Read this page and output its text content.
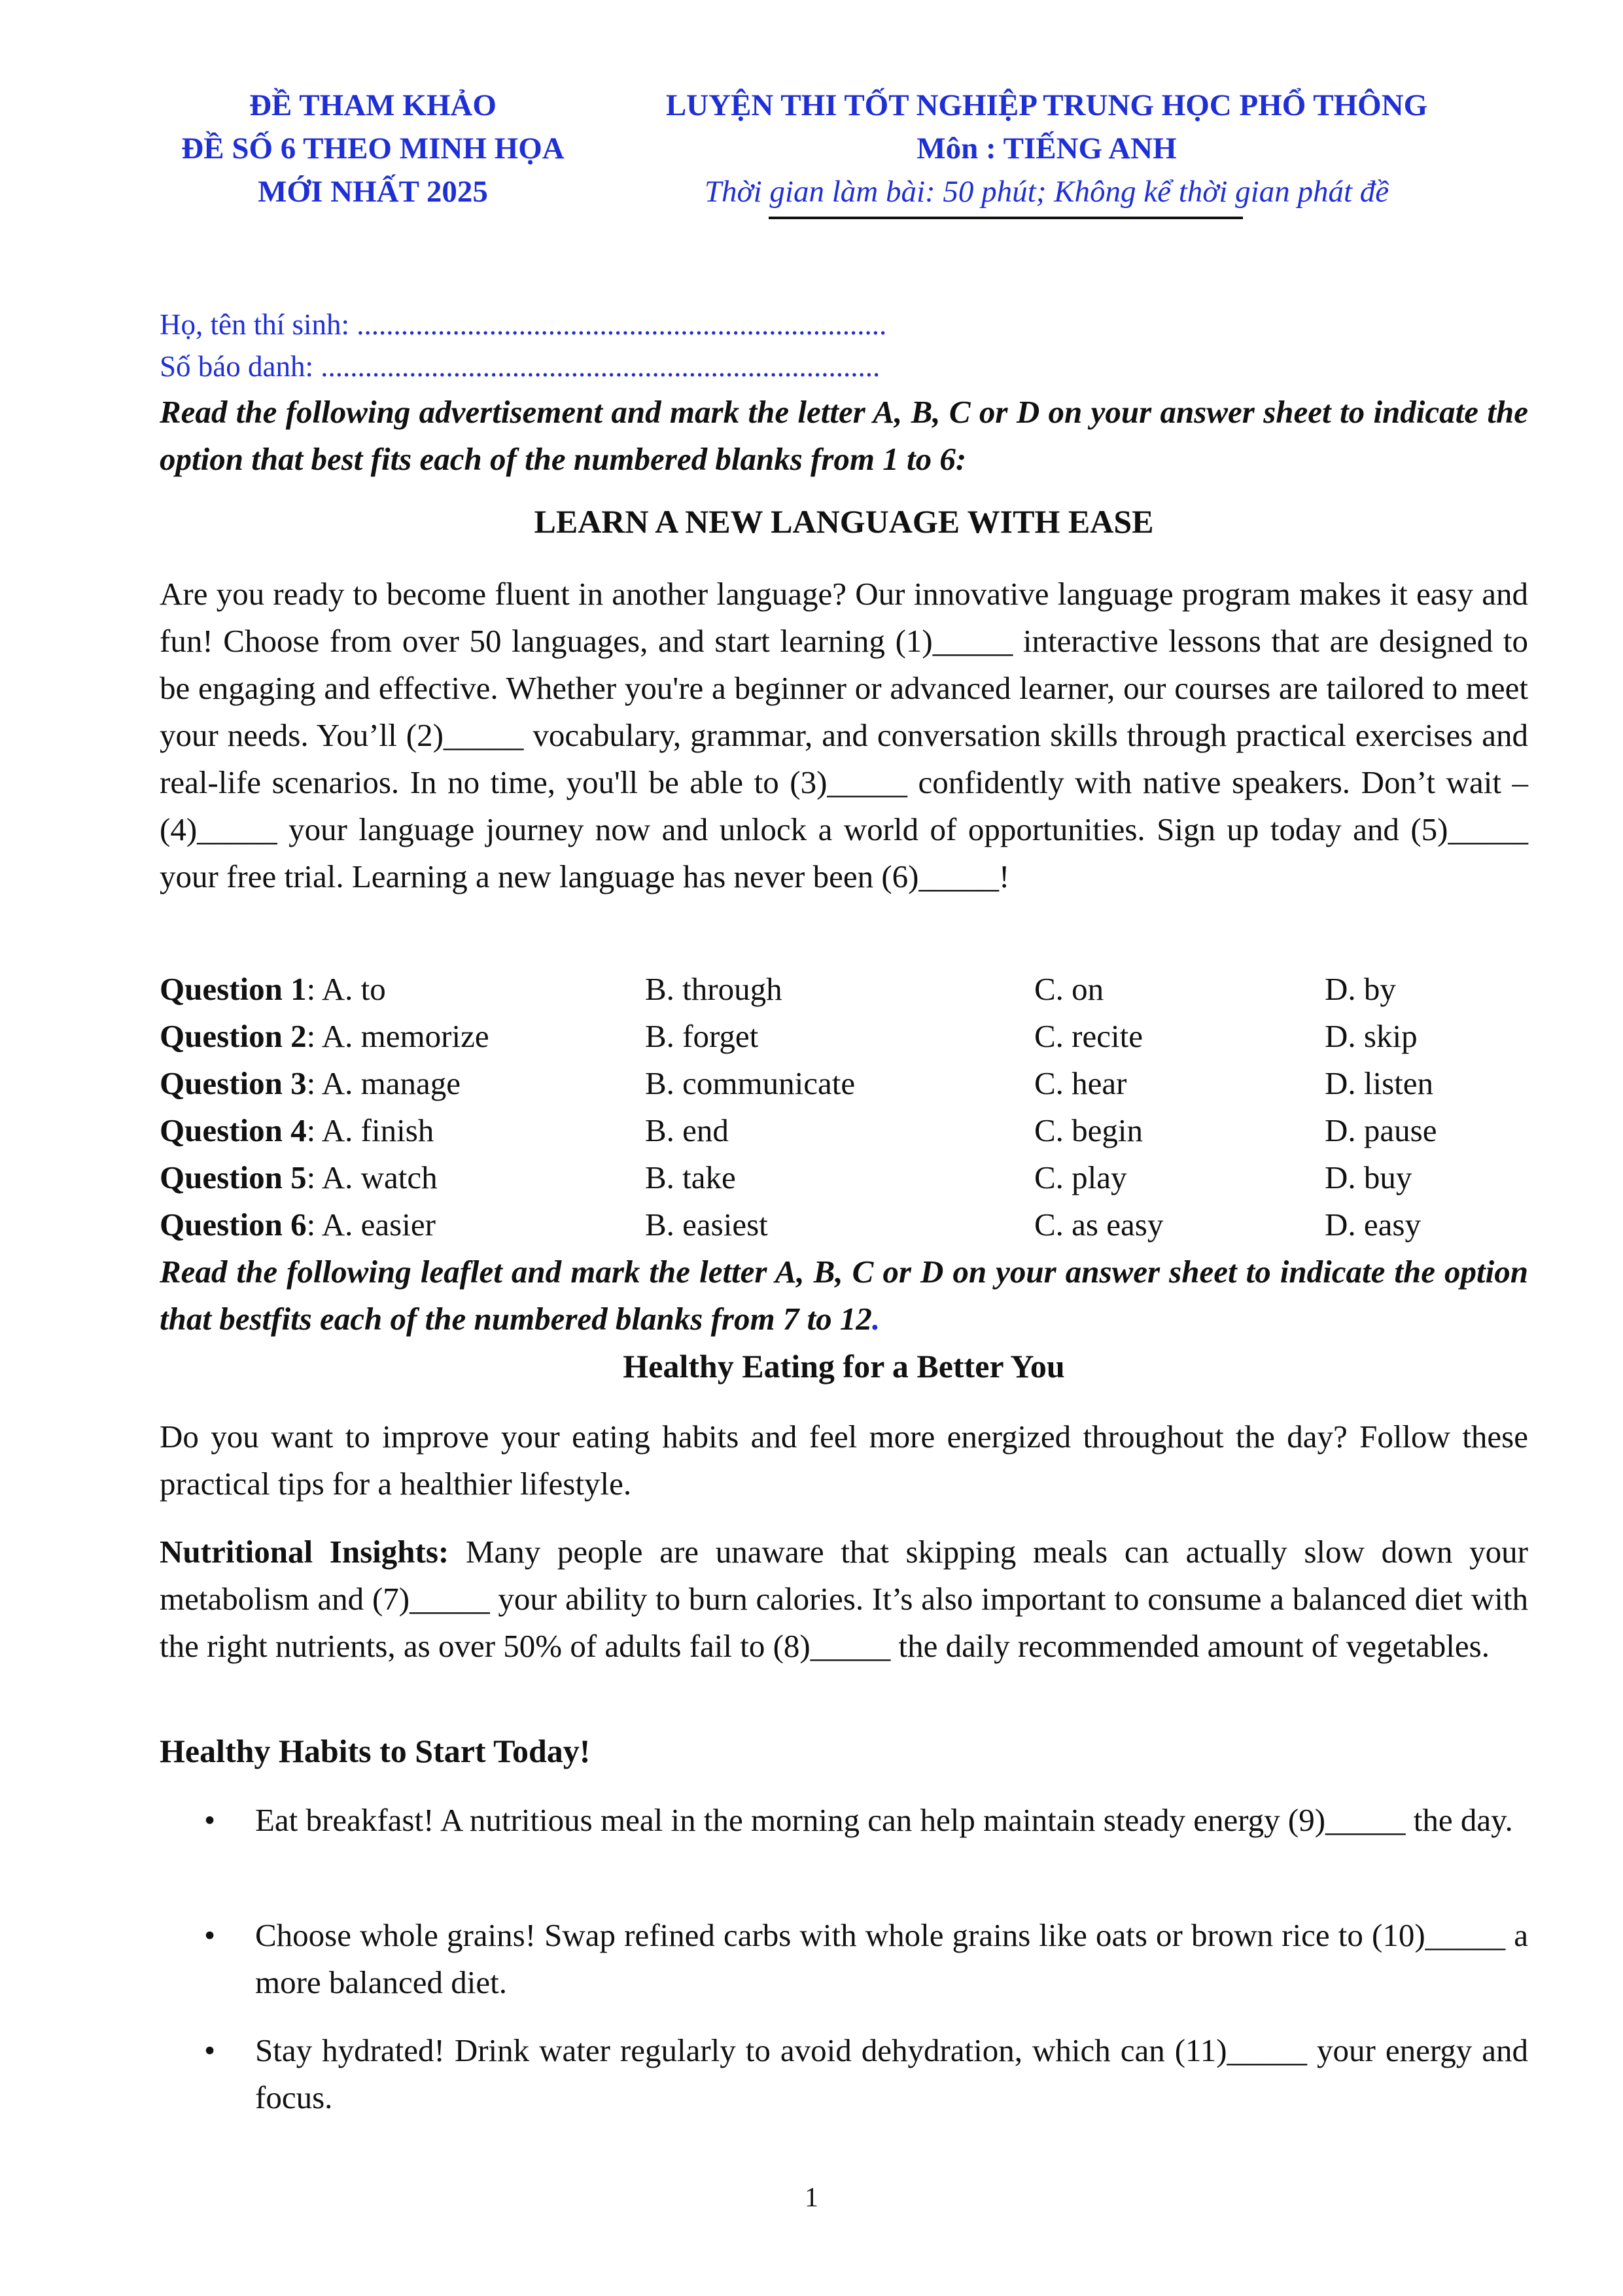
ĐỀ THAM KHẢO
ĐỀ SỐ 6 THEO MINH HỌA
MỚI NHẤT 2025
LUYỆN THI TỐT NGHIỆP TRUNG HỌC PHỔ THÔNG
Môn : TIẾNG ANH
Thời gian làm bài: 50 phút; Không kể thời gian phát đề
Họ, tên thí sinh: ........................................................................
Số báo danh: ............................................................................
Read the following advertisement and mark the letter A, B, C or D on your answer sheet to indicate the option that best fits each of the numbered blanks from 1 to 6:
LEARN A NEW LANGUAGE WITH EASE
Are you ready to become fluent in another language? Our innovative language program makes it easy and fun! Choose from over 50 languages, and start learning (1)_____ interactive lessons that are designed to be engaging and effective. Whether you're a beginner or advanced learner, our courses are tailored to meet your needs. You’ll (2)_____ vocabulary, grammar, and conversation skills through practical exercises and real-life scenarios. In no time, you'll be able to (3)_____ confidently with native speakers. Don’t wait – (4)_____ your language journey now and unlock a world of opportunities. Sign up today and (5)_____ your free trial. Learning a new language has never been (6)_____!
Question 1: A. to	B. through	C. on	D. by
Question 2: A. memorize	B. forget	C. recite	D. skip
Question 3: A. manage	B. communicate	C. hear	D. listen
Question 4: A. finish	B. end	C. begin	D. pause
Question 5: A. watch	B. take	C. play	D. buy
Question 6: A. easier	B. easiest	C. as easy	D. easy
Read the following leaflet and mark the letter A, B, C or D on your answer sheet to indicate the option that bestfits each of the numbered blanks from 7 to 12.
Healthy Eating for a Better You
Do you want to improve your eating habits and feel more energized throughout the day? Follow these practical tips for a healthier lifestyle.
Nutritional Insights: Many people are unaware that skipping meals can actually slow down your metabolism and (7)_____ your ability to burn calories. It’s also important to consume a balanced diet with the right nutrients, as over 50% of adults fail to (8)_____ the daily recommended amount of vegetables.
Healthy Habits to Start Today!
• Eat breakfast! A nutritious meal in the morning can help maintain steady energy (9)_____ the day.
• Choose whole grains! Swap refined carbs with whole grains like oats or brown rice to (10)_____ a more balanced diet.
• Stay hydrated! Drink water regularly to avoid dehydration, which can (11)_____ your energy and focus.
1
